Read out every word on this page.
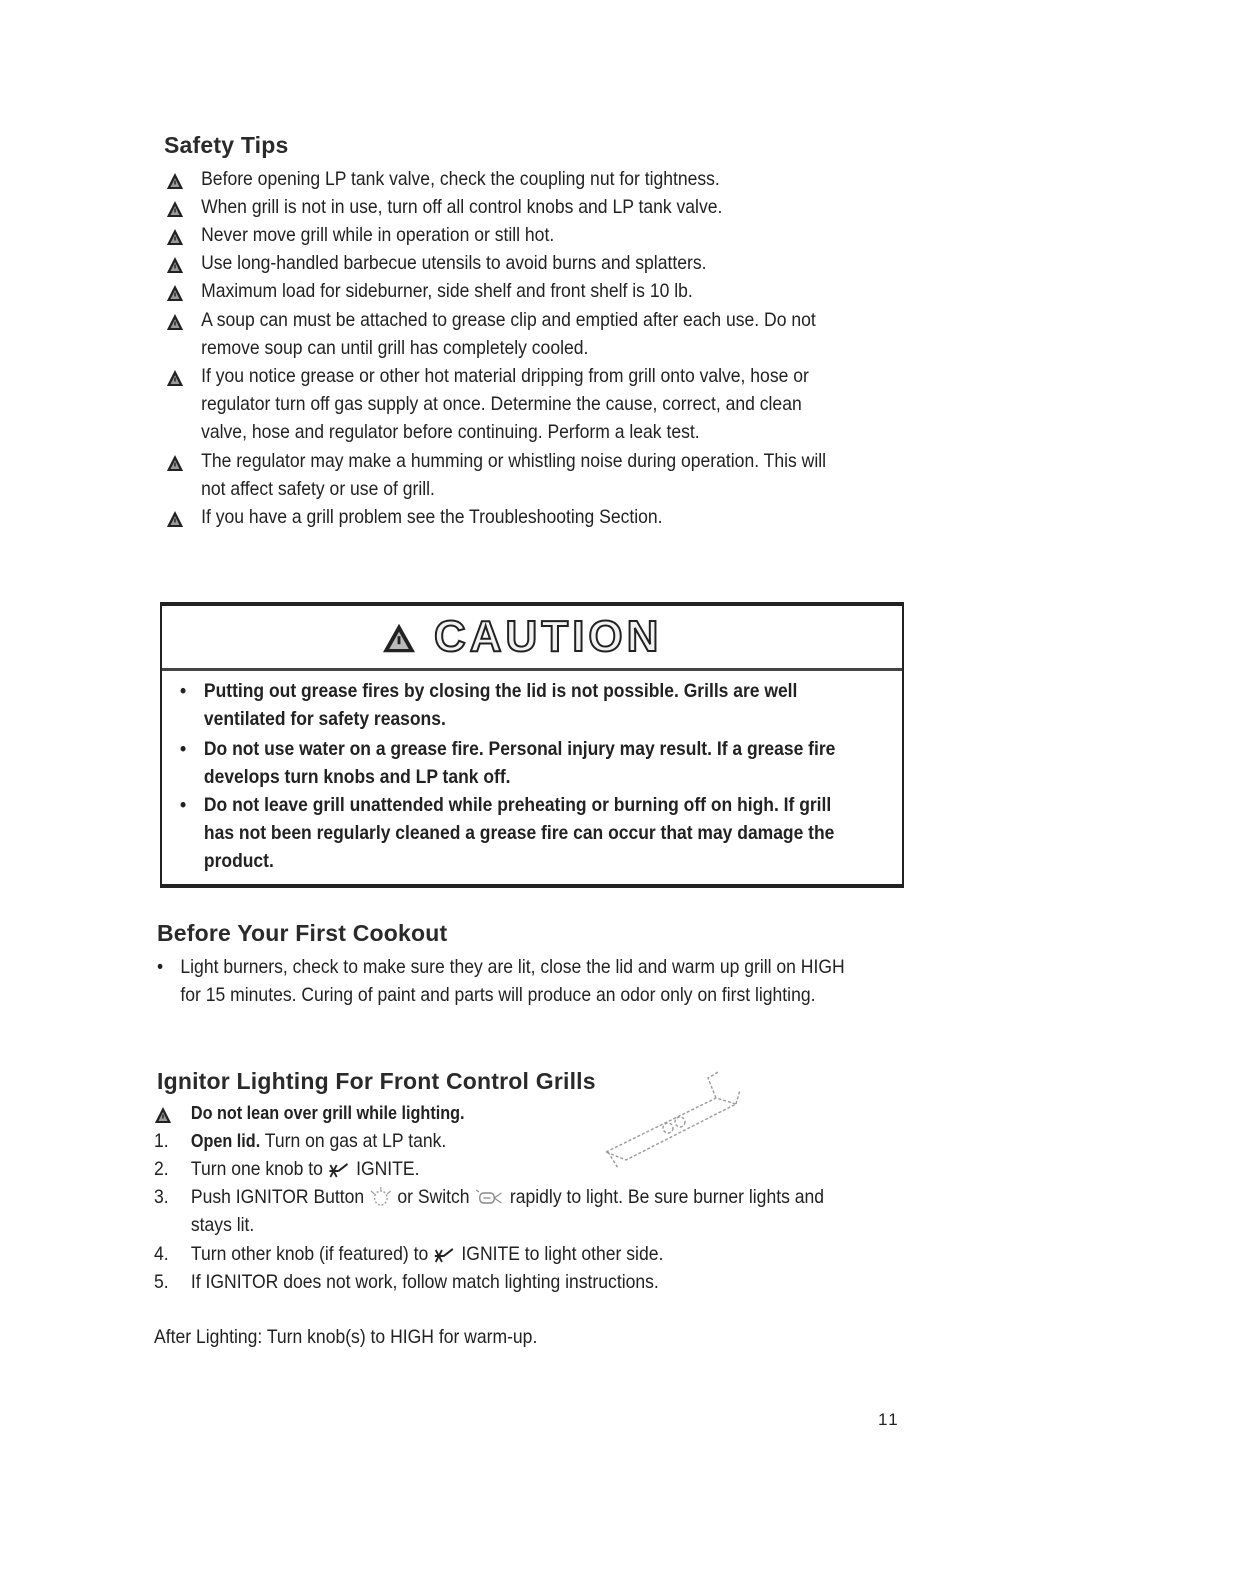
Safety Tips
Before opening LP tank valve, check the coupling nut for tightness.
When grill is not in use, turn off all control knobs and LP tank valve.
Never move grill while in operation or still hot.
Use long-handled barbecue utensils to avoid burns and splatters.
Maximum load for sideburner, side shelf and front shelf is 10 lb.
A soup can must be attached to grease clip and emptied after each use. Do not remove soup can until grill has completely cooled.
If you notice grease or other hot material dripping from grill onto valve, hose or regulator turn off gas supply at once. Determine the cause, correct, and clean valve, hose and regulator before continuing. Perform a leak test.
The regulator may make a humming or whistling noise during operation. This will not affect safety or use of grill.
If you have a grill problem see the Troubleshooting Section.
CAUTION
• Putting out grease fires by closing the lid is not possible. Grills are well ventilated for safety reasons.
• Do not use water on a grease fire. Personal injury may result. If a grease fire develops turn knobs and LP tank off.
• Do not leave grill unattended while preheating or burning off on high. If grill has not been regularly cleaned a grease fire can occur that may damage the product.
Before Your First Cookout
• Light burners, check to make sure they are lit, close the lid and warm up grill on HIGH for 15 minutes. Curing of paint and parts will produce an odor only on first lighting.
Ignitor Lighting For Front Control Grills
Do not lean over grill while lighting.
1.	Open lid. Turn on gas at LP tank.
2.	Turn one knob to  IGNITE.
3.	Push IGNITOR Button  or Switch  rapidly to light. Be sure burner lights and stays lit.
4.	Turn other knob (if featured) to  IGNITE to light other side.
5.	If IGNITOR does not work, follow match lighting instructions.
After Lighting: Turn knob(s) to HIGH for warm-up.
11
